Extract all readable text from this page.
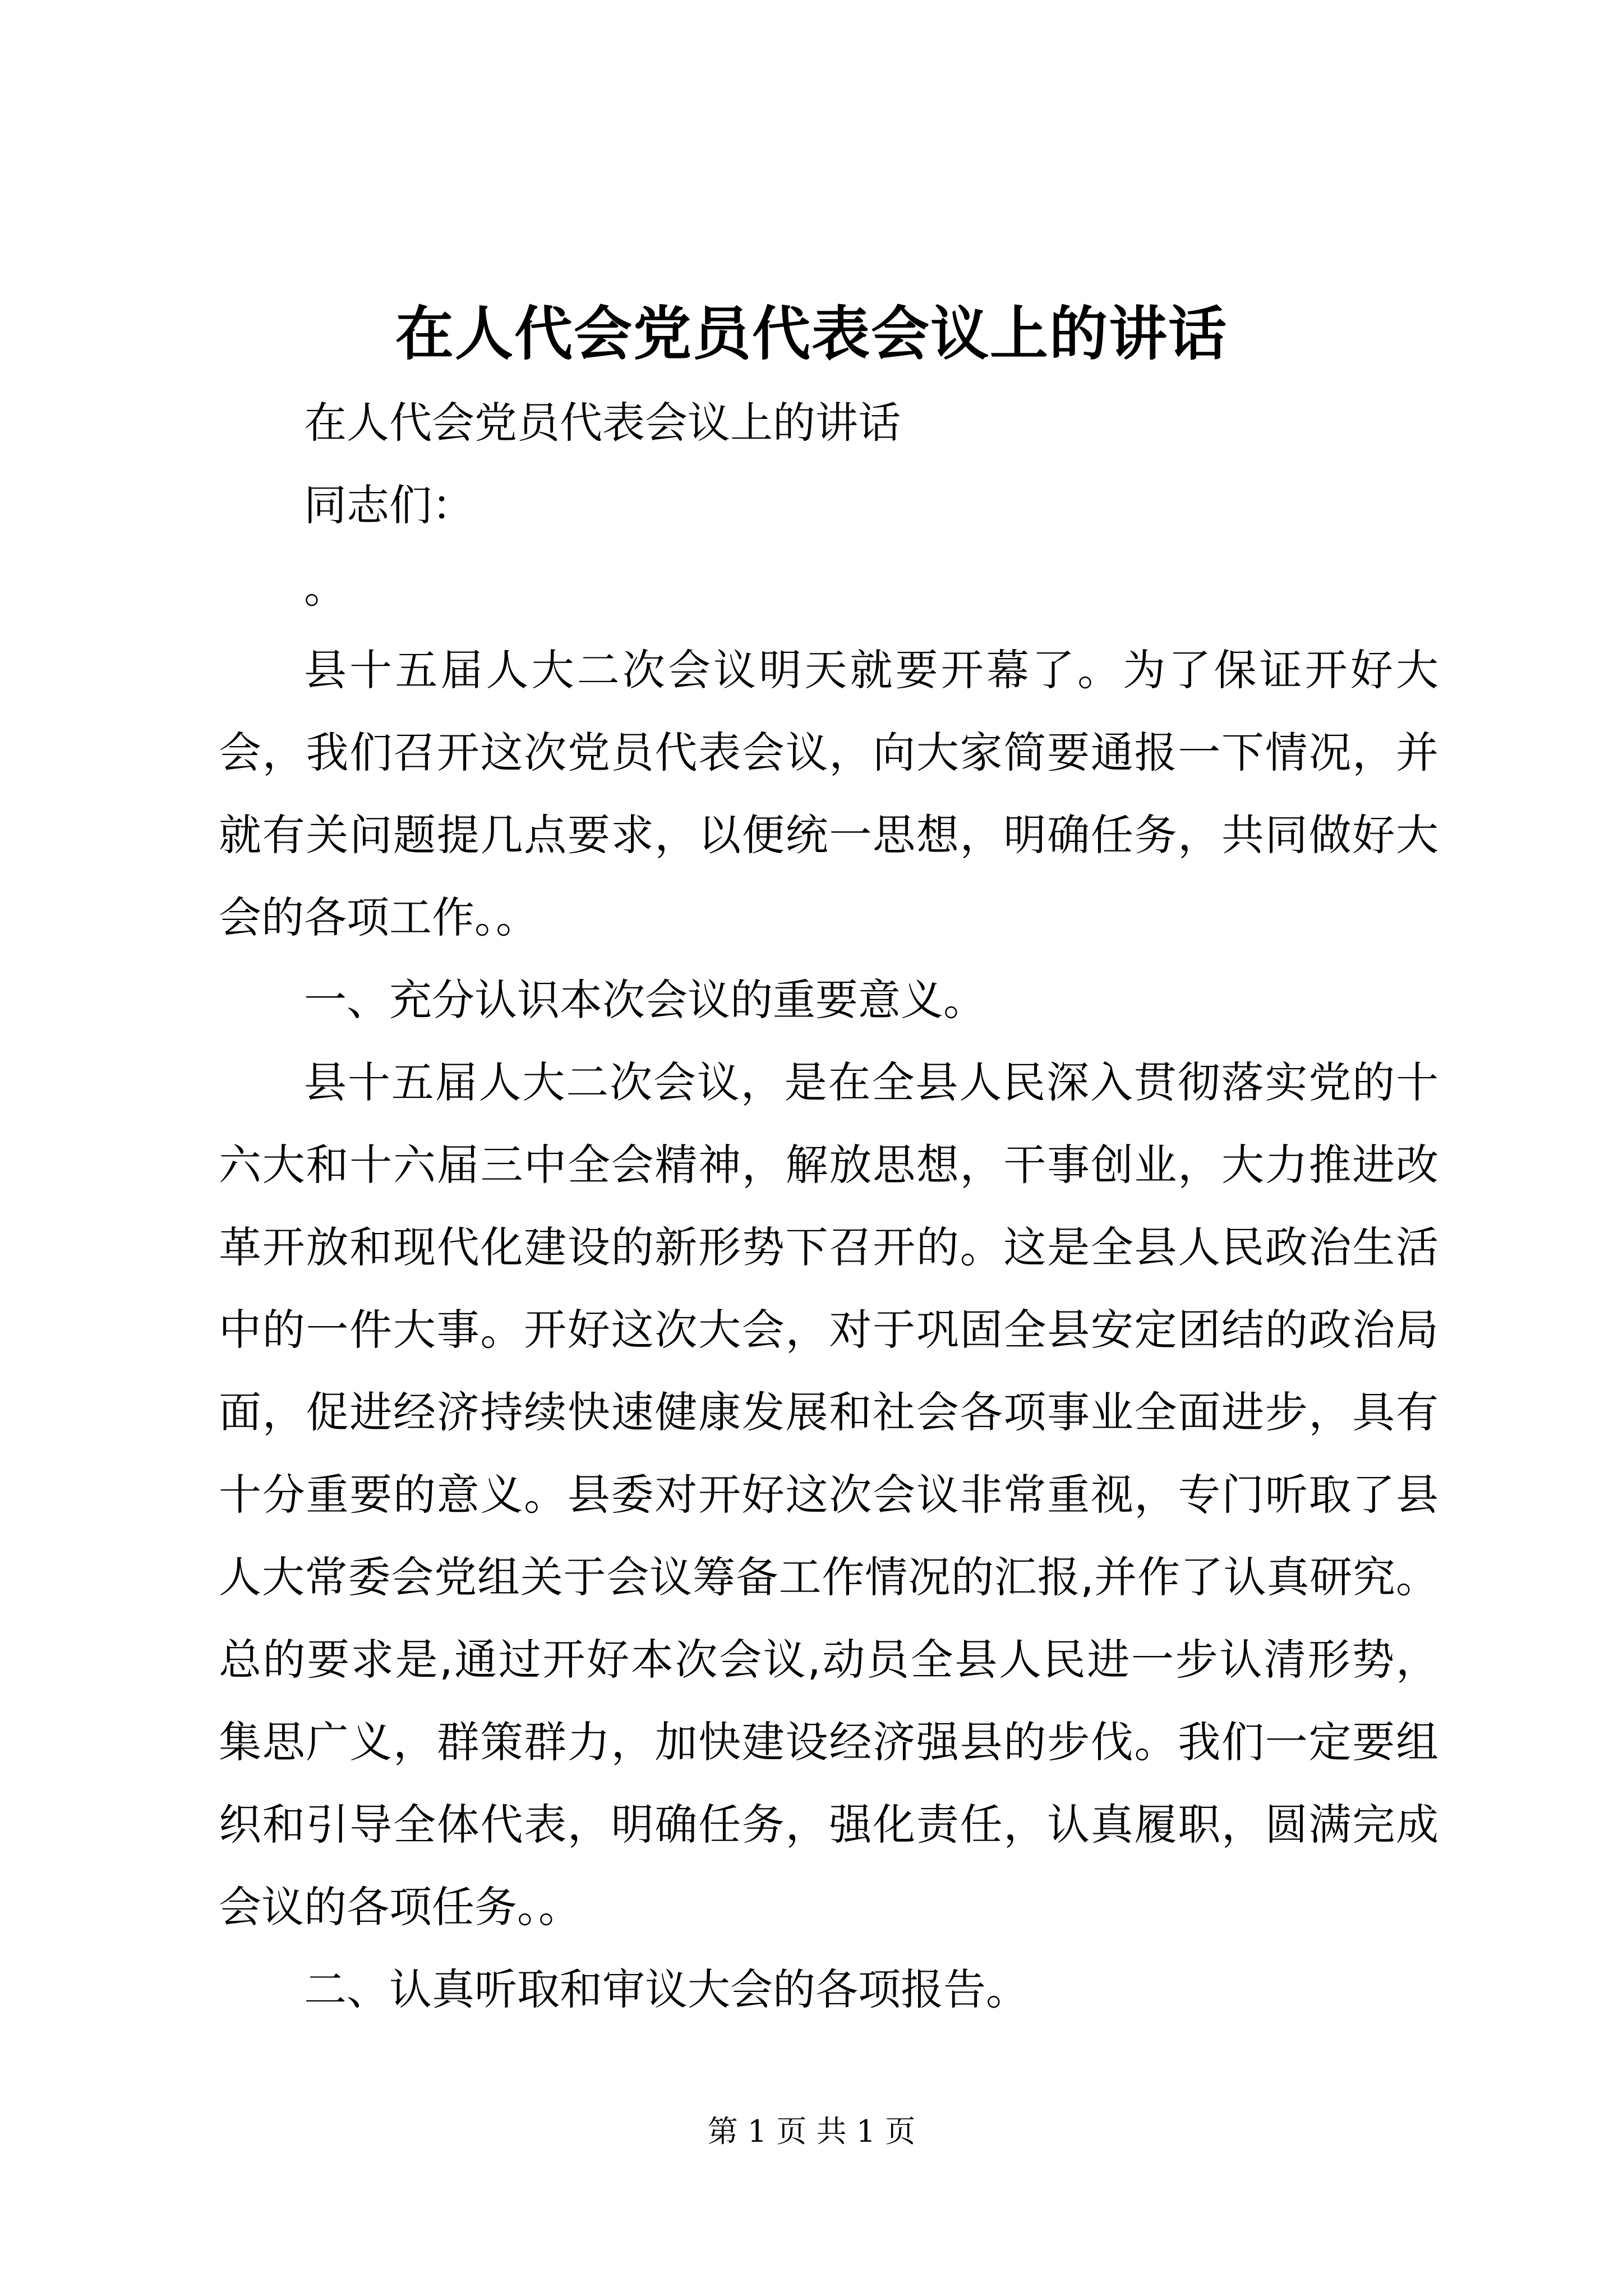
在人代会党员代表会议上的讲话

在人代会党员代表会议上的讲话

同志们：

。

县十五届人大二次会议明天就要开幕了。为了保证开好大会，我们召开这次党员代表会议，向大家简要通报一下情况，并就有关问题提几点要求，以便统一思想，明确任务，共同做好大会的各项工作。。

一、充分认识本次会议的重要意义。

县十五届人大二次会议，是在全县人民深入贯彻落实党的十六大和十六届三中全会精神，解放思想，干事创业，大力推进改革开放和现代化建设的新形势下召开的。这是全县人民政治生活中的一件大事。开好这次大会，对于巩固全县安定团结的政治局面，促进经济持续快速健康发展和社会各项事业全面进步，具有十分重要的意义。县委对开好这次会议非常重视，专门听取了县人大常委会党组关于会议筹备工作情况的汇报,并作了认真研究。总的要求是,通过开好本次会议,动员全县人民进一步认清形势，集思广义，群策群力，加快建设经济强县的步伐。我们一定要组织和引导全体代表，明确任务，强化责任，认真履职，圆满完成会议的各项任务。。

二、认真听取和审议大会的各项报告。

第 1 页 共 1 页
